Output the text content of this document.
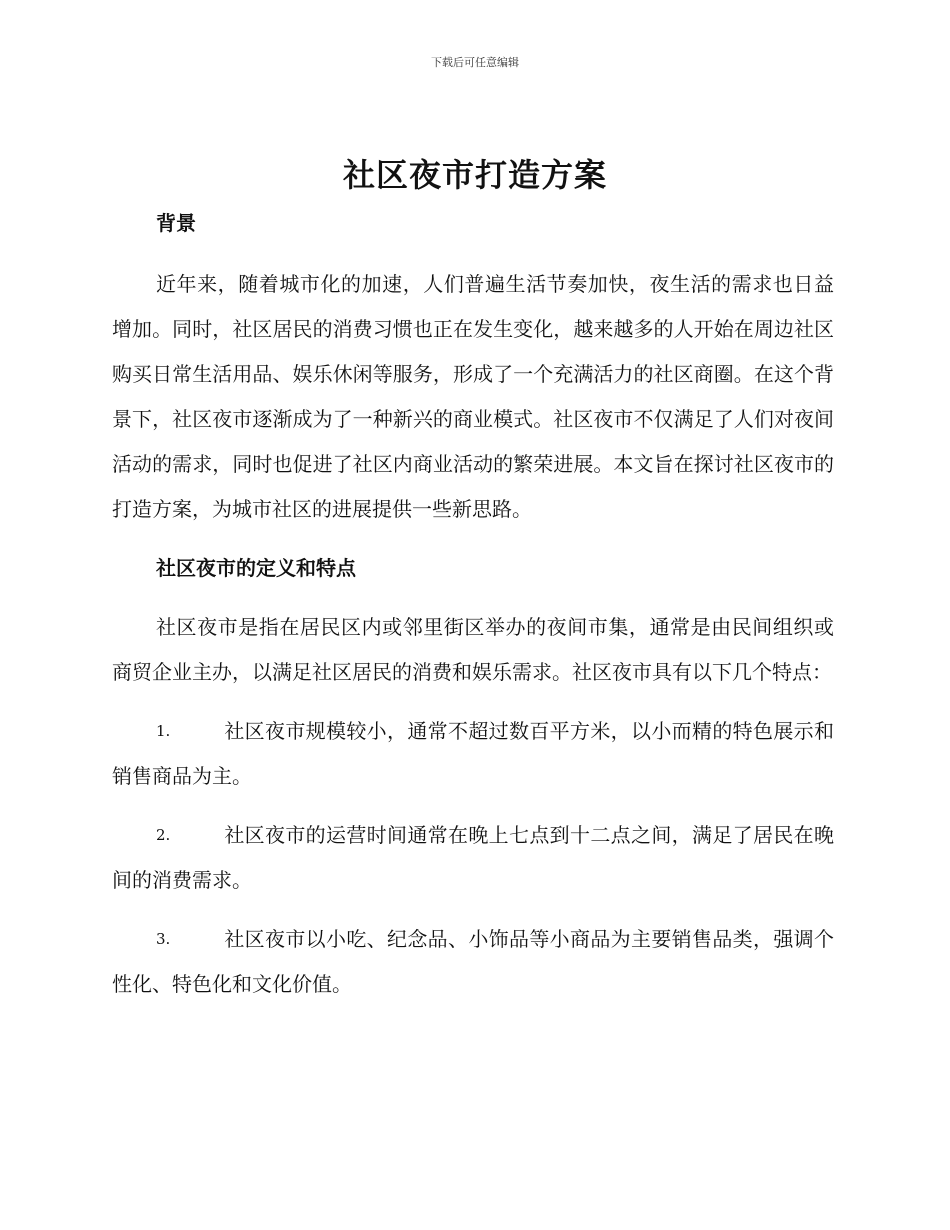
下载后可任意编辑
社区夜市打造方案
背景

近年来，随着城市化的加速，人们普遍生活节奏加快，夜生活的需求也日益增加。同时，社区居民的消费习惯也正在发生变化，越来越多的人开始在周边社区购买日常生活用品、娱乐休闲等服务，形成了一个充满活力的社区商圈。在这个背景下，社区夜市逐渐成为了一种新兴的商业模式。社区夜市不仅满足了人们对夜间活动的需求，同时也促进了社区内商业活动的繁荣进展。本文旨在探讨社区夜市的打造方案，为城市社区的进展提供一些新思路。

社区夜市的定义和特点

社区夜市是指在居民区内或邻里街区举办的夜间市集，通常是由民间组织或商贸企业主办，以满足社区居民的消费和娱乐需求。社区夜市具有以下几个特点：

1.	社区夜市规模较小，通常不超过数百平方米，以小而精的特色展示和销售商品为主。

2.	社区夜市的运营时间通常在晚上七点到十二点之间，满足了居民在晚间的消费需求。

3.	社区夜市以小吃、纪念品、小饰品等小商品为主要销售品类，强调个性化、特色化和文化价值。
